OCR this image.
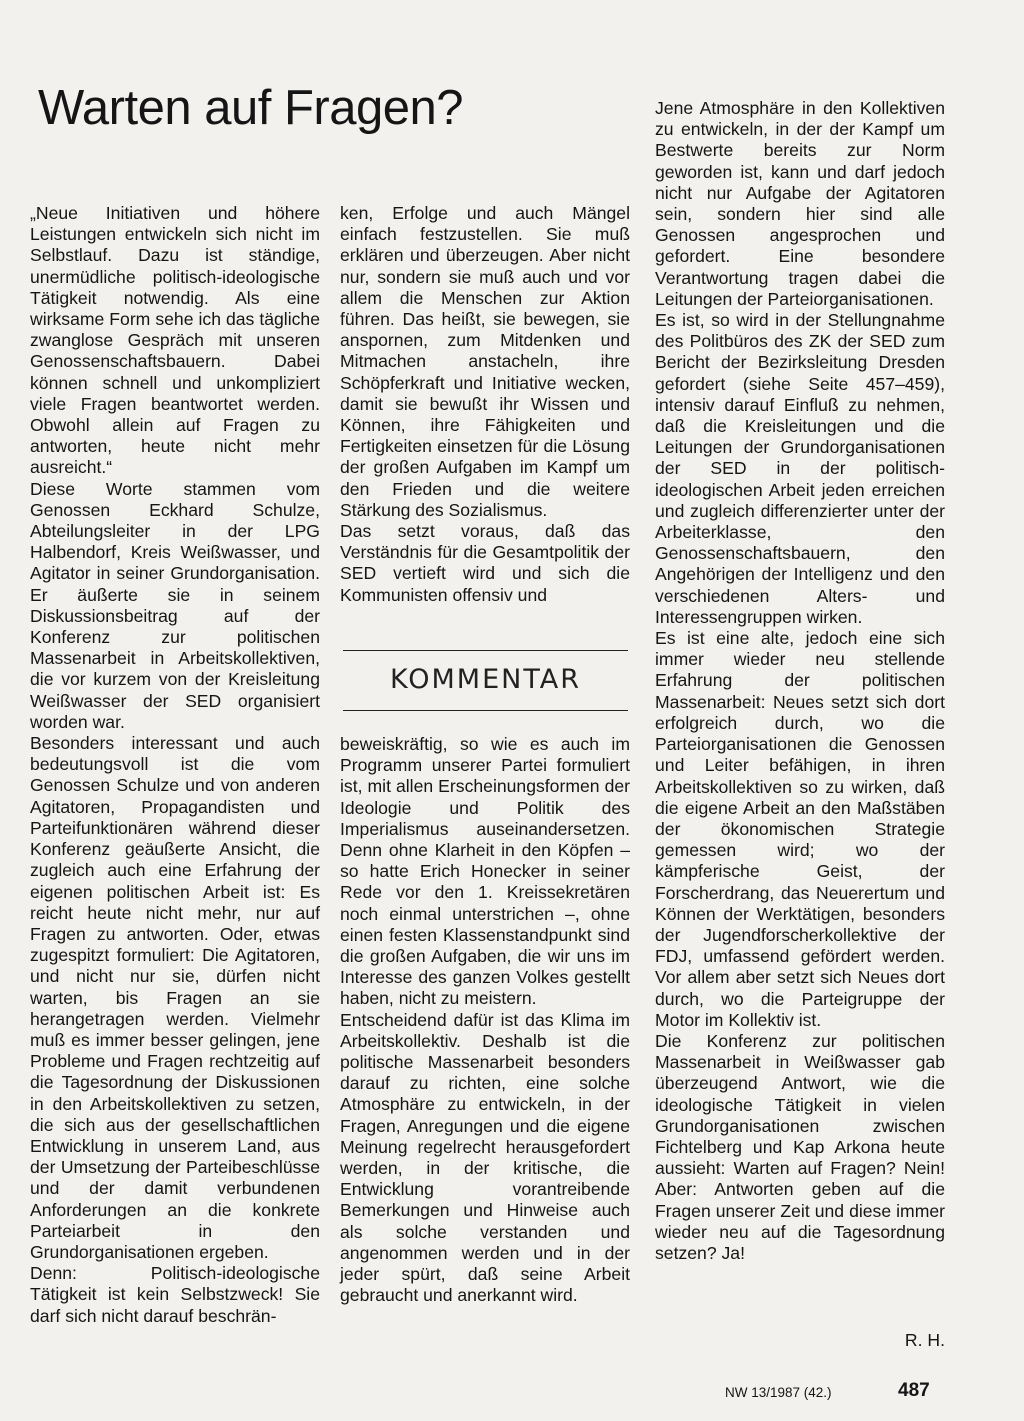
Warten auf Fragen?

„Neue Initiativen und höhere Leistungen entwickeln sich nicht im Selbstlauf. Dazu ist ständige, unermüdliche politisch-ideologische Tätigkeit notwendig. Als eine wirksame Form sehe ich das tägliche zwanglose Gespräch mit unseren Genossenschaftsbauern. Dabei können schnell und unkompliziert viele Fragen beantwortet werden. Obwohl allein auf Fragen zu antworten, heute nicht mehr ausreicht.“

Diese Worte stammen vom Genossen Eckhard Schulze, Abteilungsleiter in der LPG Halbendorf, Kreis Weißwasser, und Agitator in seiner Grundorganisation. Er äußerte sie in seinem Diskussionsbeitrag auf der Konferenz zur politischen Massenarbeit in Arbeitskollektiven, die vor kurzem von der Kreisleitung Weißwasser der SED organisiert worden war.

Besonders interessant und auch bedeutungsvoll ist die vom Genossen Schulze und von anderen Agitatoren, Propagandisten und Parteifunktionären während dieser Konferenz geäußerte Ansicht, die zugleich auch eine Erfahrung der eigenen politischen Arbeit ist: Es reicht heute nicht mehr, nur auf Fragen zu antworten. Oder, etwas zugespitzt formuliert: Die Agitatoren, und nicht nur sie, dürfen nicht warten, bis Fragen an sie herangetragen werden. Vielmehr muß es immer besser gelingen, jene Probleme und Fragen rechtzeitig auf die Tagesordnung der Diskussionen in den Arbeitskollektiven zu setzen, die sich aus der gesellschaftlichen Entwicklung in unserem Land, aus der Umsetzung der Parteibeschlüsse und der damit verbundenen Anforderungen an die konkrete Parteiarbeit in den Grundorganisationen ergeben.

Denn: Politisch-ideologische Tätigkeit ist kein Selbstzweck! Sie darf sich nicht darauf beschrän-

ken, Erfolge und auch Mängel einfach festzustellen. Sie muß erklären und überzeugen. Aber nicht nur, sondern sie muß auch und vor allem die Menschen zur Aktion führen. Das heißt, sie bewegen, sie anspornen, zum Mitdenken und Mitmachen anstacheln, ihre Schöpferkraft und Initiative wecken, damit sie bewußt ihr Wissen und Können, ihre Fähigkeiten und Fertigkeiten einsetzen für die Lösung der großen Aufgaben im Kampf um den Frieden und die weitere Stärkung des Sozialismus.

Das setzt voraus, daß das Verständnis für die Gesamtpolitik der SED vertieft wird und sich die Kommunisten offensiv und

KOMMENTAR

beweiskräftig, so wie es auch im Programm unserer Partei formuliert ist, mit allen Erscheinungsformen der Ideologie und Politik des Imperialismus auseinandersetzen. Denn ohne Klarheit in den Köpfen – so hatte Erich Honecker in seiner Rede vor den 1. Kreissekretären noch einmal unterstrichen –, ohne einen festen Klassenstandpunkt sind die großen Aufgaben, die wir uns im Interesse des ganzen Volkes gestellt haben, nicht zu meistern.

Entscheidend dafür ist das Klima im Arbeitskollektiv. Deshalb ist die politische Massenarbeit besonders darauf zu richten, eine solche Atmosphäre zu entwickeln, in der Fragen, Anregungen und die eigene Meinung regelrecht herausgefordert werden, in der kritische, die Entwicklung vorantreibende Bemerkungen und Hinweise auch als solche verstanden und angenommen werden und in der jeder spürt, daß seine Arbeit gebraucht und anerkannt wird.

Jene Atmosphäre in den Kollektiven zu entwickeln, in der der Kampf um Bestwerte bereits zur Norm geworden ist, kann und darf jedoch nicht nur Aufgabe der Agitatoren sein, sondern hier sind alle Genossen angesprochen und gefordert. Eine besondere Verantwortung tragen dabei die Leitungen der Parteiorganisationen.

Es ist, so wird in der Stellungnahme des Politbüros des ZK der SED zum Bericht der Bezirksleitung Dresden gefordert (siehe Seite 457–459), intensiv darauf Einfluß zu nehmen, daß die Kreisleitungen und die Leitungen der Grundorganisationen der SED in der politisch-ideologischen Arbeit jeden erreichen und zugleich differenzierter unter der Arbeiterklasse, den Genossenschaftsbauern, den Angehörigen der Intelligenz und den verschiedenen Alters- und Interessengruppen wirken.

Es ist eine alte, jedoch eine sich immer wieder neu stellende Erfahrung der politischen Massenarbeit: Neues setzt sich dort erfolgreich durch, wo die Parteiorganisationen die Genossen und Leiter befähigen, in ihren Arbeitskollektiven so zu wirken, daß die eigene Arbeit an den Maßstäben der ökonomischen Strategie gemessen wird; wo der kämpferische Geist, der Forscherdrang, das Neuerertum und Können der Werktätigen, besonders der Jugendforscherkollektive der FDJ, umfassend gefördert werden. Vor allem aber setzt sich Neues dort durch, wo die Parteigruppe der Motor im Kollektiv ist.

Die Konferenz zur politischen Massenarbeit in Weißwasser gab überzeugend Antwort, wie die ideologische Tätigkeit in vielen Grundorganisationen zwischen Fichtelberg und Kap Arkona heute aussieht: Warten auf Fragen? Nein! Aber: Antworten geben auf die Fragen unserer Zeit und diese immer wieder neu auf die Tagesordnung setzen? Ja!

R. H.
NW 13/1987 (42.)	487
